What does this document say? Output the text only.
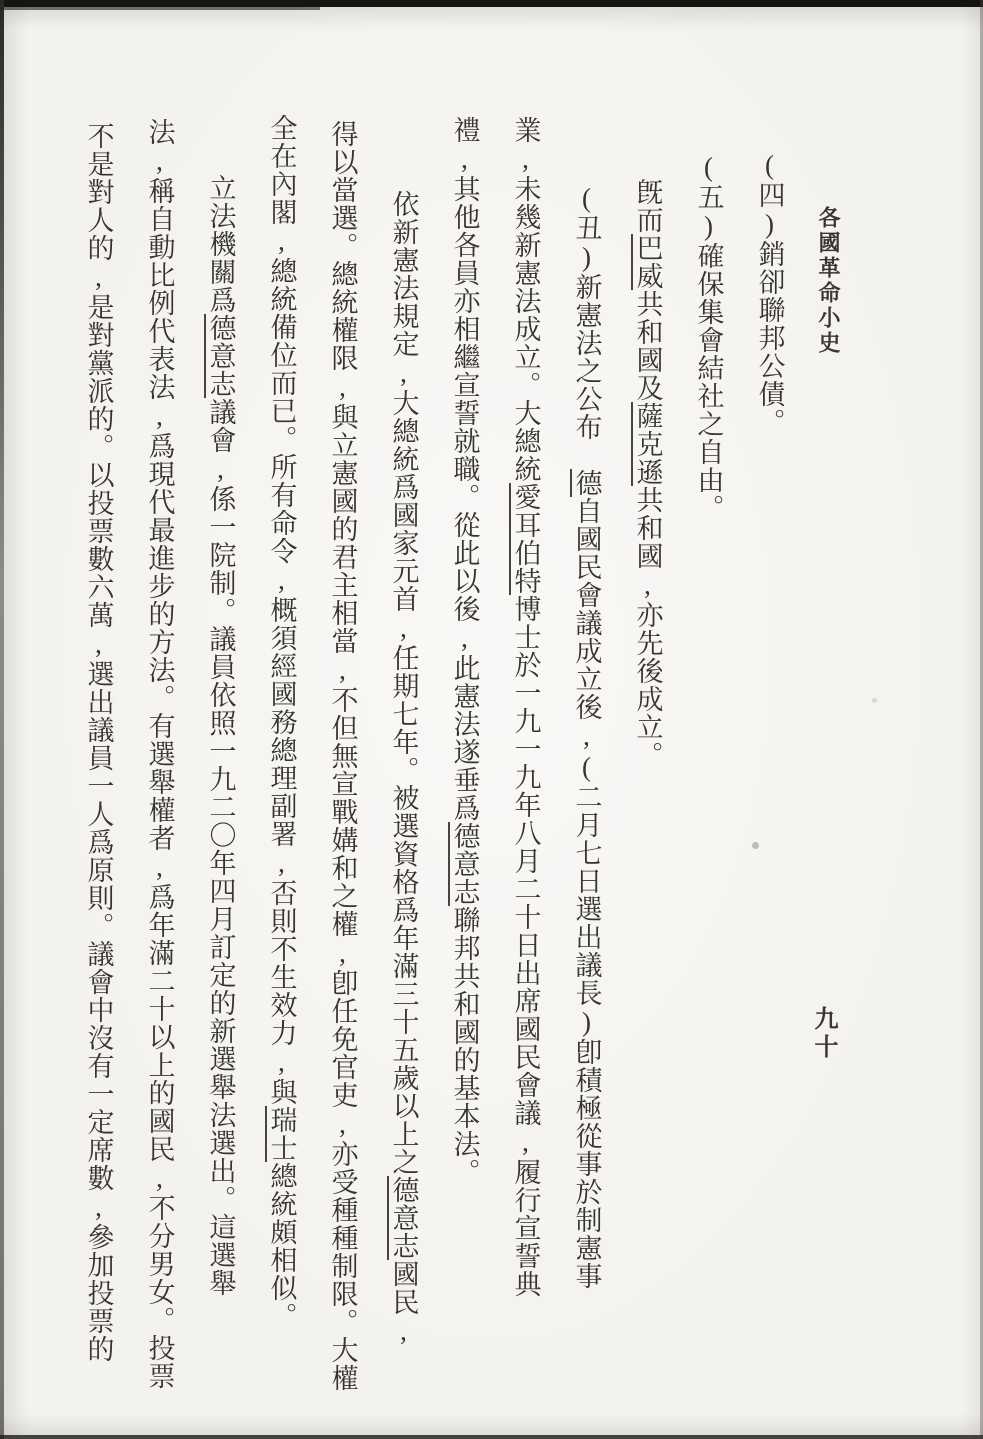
各國革命小史
九十
(四)銷卻聯邦公債。
(五)確保集會結社之自由。
旣而巴威共和國及薩克遜共和國,亦先後成立。
(丑)新憲法之公布　德自國民會議成立後,(二月七日選出議長)卽積極從事於制憲事
業,未幾新憲法成立。大總統愛耳伯特博士於一九一九年八月二十日出席國民會議,履行宣誓典
禮,其他各員亦相繼宣誓就職。從此以後,此憲法遂垂爲德意志聯邦共和國的基本法。
依新憲法規定,大總統爲國家元首,任期七年。被選資格爲年滿三十五歲以上之德意志國民,
得以當選。總統權限,與立憲國的君主相當,不但無宣戰媾和之權,卽任免官吏,亦受種種制限。大權
全在內閣,總統備位而已。所有命令,概須經國務總理副署,否則不生效力,與瑞士總統頗相似。
立法機關爲德意志議會,係一院制。議員依照一九二〇年四月訂定的新選舉法選出。這選舉
法,稱自動比例代表法,爲現代最進步的方法。有選舉權者,爲年滿二十以上的國民,不分男女。投票
不是對人的,是對黨派的。以投票數六萬,選出議員一人爲原則。議會中沒有一定席數,參加投票的
